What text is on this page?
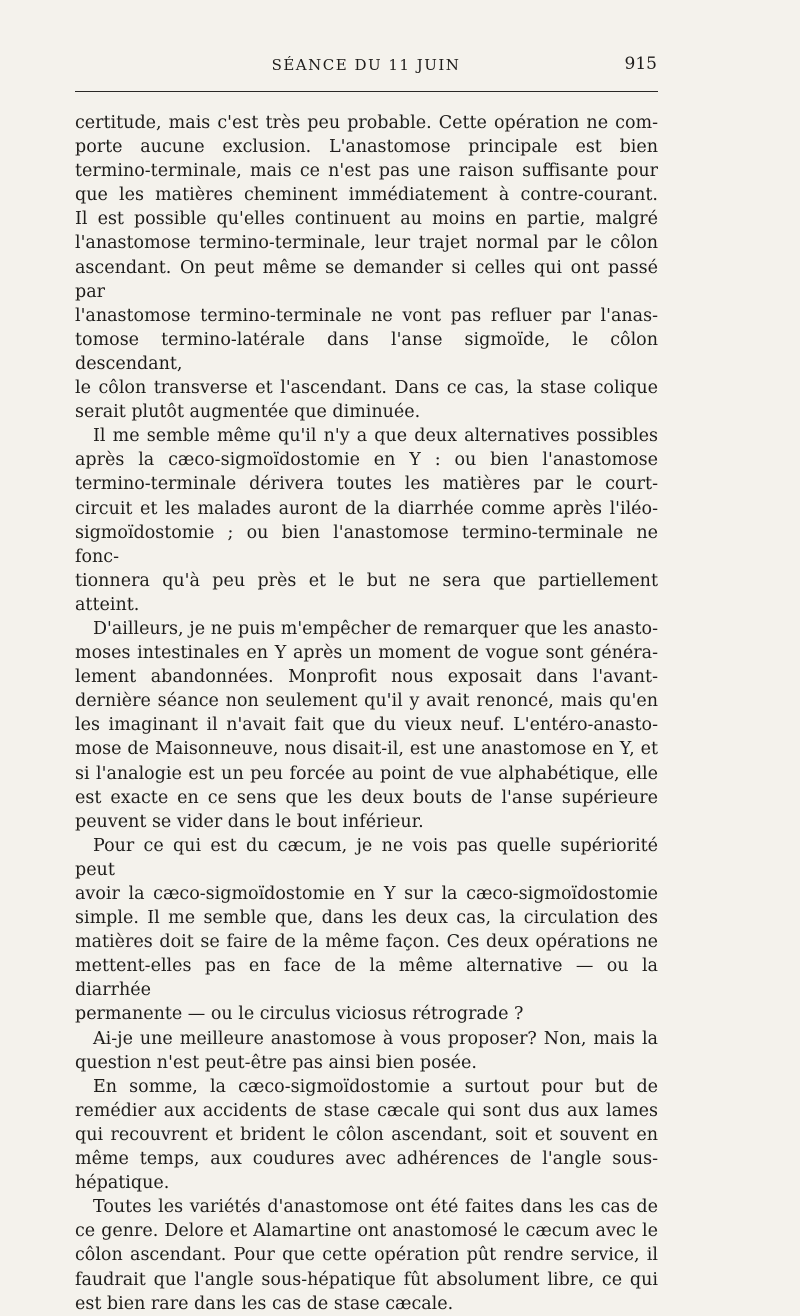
SÉANCE DU 11 JUIN	915

certitude, mais c'est très peu probable. Cette opération ne com-
porte aucune exclusion. L'anastomose principale est bien
termino-terminale, mais ce n'est pas une raison suffisante pour
que les matières cheminent immédiatement à contre-courant.
Il est possible qu'elles continuent au moins en partie, malgré
l'anastomose termino-terminale, leur trajet normal par le côlon
ascendant. On peut même se demander si celles qui ont passé par
l'anastomose termino-terminale ne vont pas refluer par l'anas-
tomose termino-latérale dans l'anse sigmoïde, le côlon descendant,
le côlon transverse et l'ascendant. Dans ce cas, la stase colique
serait plutôt augmentée que diminuée.

Il me semble même qu'il n'y a que deux alternatives possibles
après la cæco-sigmoïdostomie en Y : ou bien l'anastomose
termino-terminale dérivera toutes les matières par le court-
circuit et les malades auront de la diarrhée comme après l'iléo-
sigmoïdostomie ; ou bien l'anastomose termino-terminale ne fonc-
tionnera qu'à peu près et le but ne sera que partiellement atteint.

D'ailleurs, je ne puis m'empêcher de remarquer que les anasto-
moses intestinales en Y après un moment de vogue sont généra-
lement abandonnées. Monprofit nous exposait dans l'avant-
dernière séance non seulement qu'il y avait renoncé, mais qu'en
les imaginant il n'avait fait que du vieux neuf. L'entéro-anasto-
mose de Maisonneuve, nous disait-il, est une anastomose en Y, et
si l'analogie est un peu forcée au point de vue alphabétique, elle
est exacte en ce sens que les deux bouts de l'anse supérieure
peuvent se vider dans le bout inférieur.

Pour ce qui est du cæcum, je ne vois pas quelle supériorité peut
avoir la cæco-sigmoïdostomie en Y sur la cæco-sigmoïdostomie
simple. Il me semble que, dans les deux cas, la circulation des
matières doit se faire de la même façon. Ces deux opérations ne
mettent-elles pas en face de la même alternative — ou la diarrhée
permanente — ou le circulus viciosus rétrograde ?

Ai-je une meilleure anastomose à vous proposer? Non, mais la
question n'est peut-être pas ainsi bien posée.

En somme, la cæco-sigmoïdostomie a surtout pour but de
remédier aux accidents de stase cæcale qui sont dus aux lames
qui recouvrent et brident le côlon ascendant, soit et souvent en
même temps, aux coudures avec adhérences de l'angle sous-
hépatique.

Toutes les variétés d'anastomose ont été faites dans les cas de
ce genre. Delore et Alamartine ont anastomosé le cæcum avec le
côlon ascendant. Pour que cette opération pût rendre service, il
faudrait que l'angle sous-hépatique fût absolument libre, ce qui
est bien rare dans les cas de stase cæcale.
